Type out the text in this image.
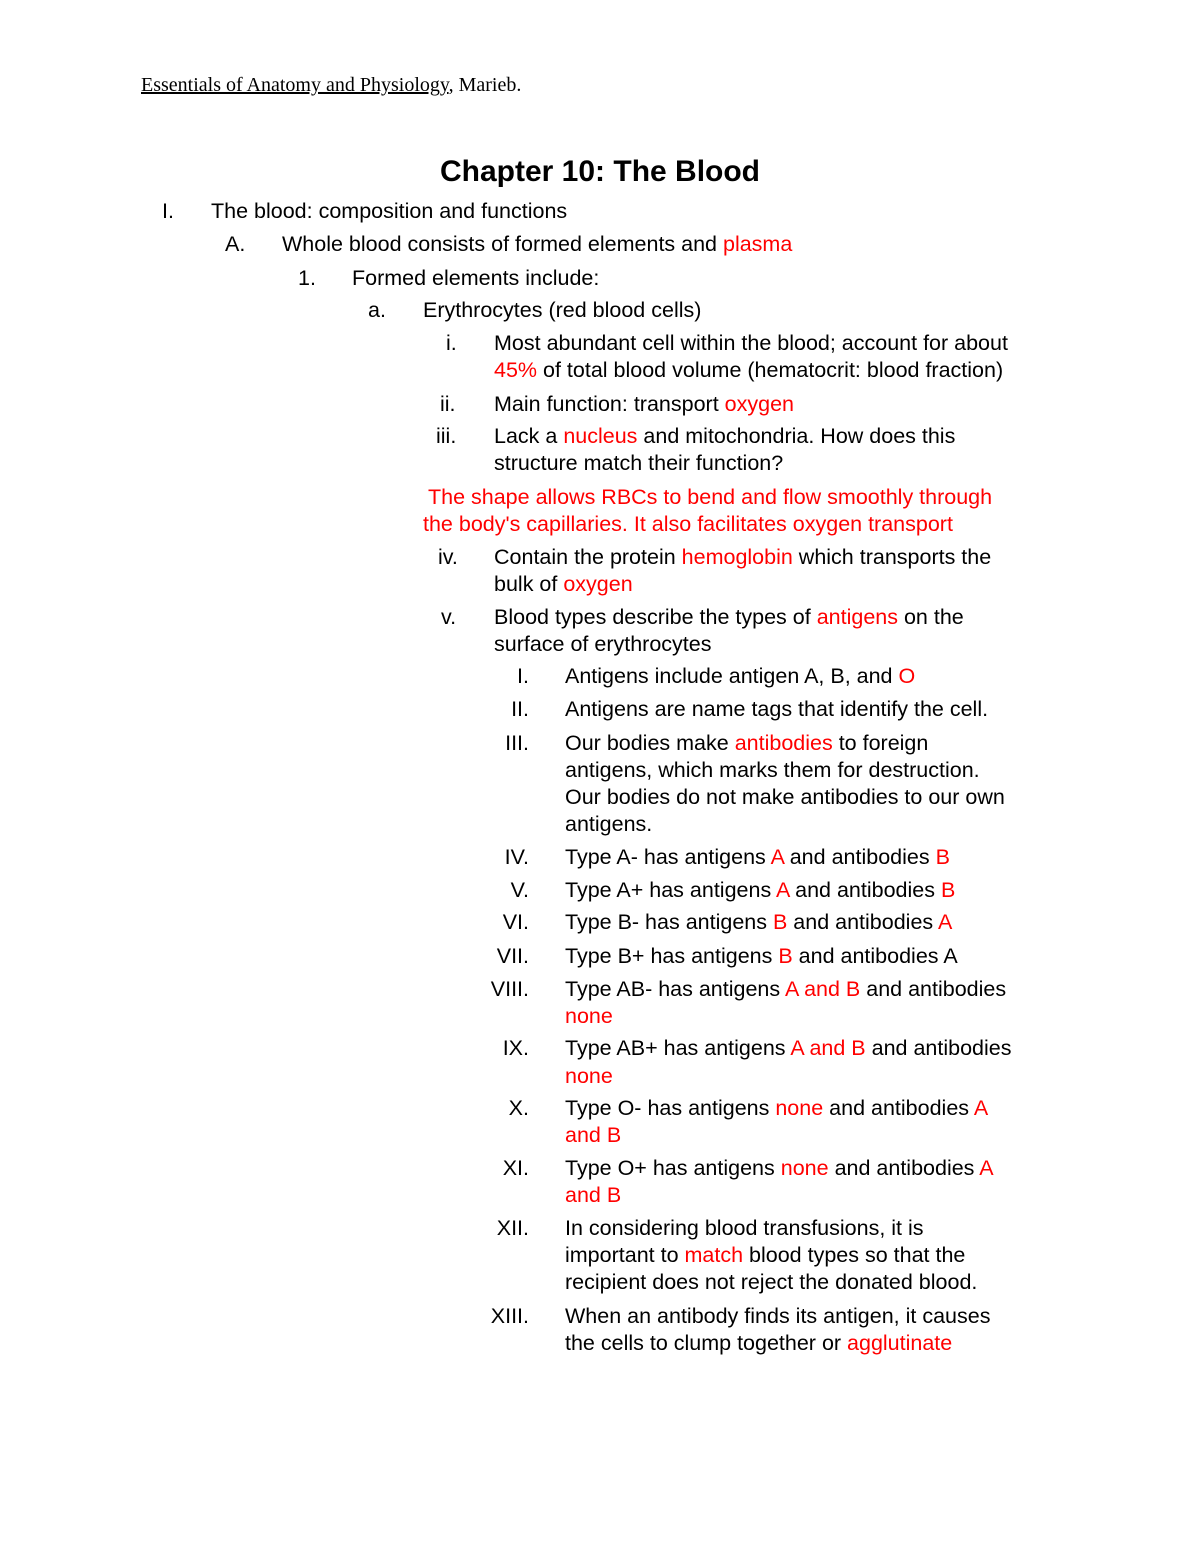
Essentials of Anatomy and Physiology, Marieb.
Chapter 10: The Blood
I. The blood: composition and functions
A. Whole blood consists of formed elements and plasma
1. Formed elements include:
a. Erythrocytes (red blood cells)
i. Most abundant cell within the blood; account for about
45% of total blood volume (hematocrit: blood fraction)
ii. Main function: transport oxygen
iii. Lack a nucleus and mitochondria. How does this
structure match their function?
The shape allows RBCs to bend and flow smoothly through
the body's capillaries. It also facilitates oxygen transport
iv. Contain the protein hemoglobin which transports the
bulk of oxygen
v. Blood types describe the types of antigens on the
surface of erythrocytes
I. Antigens include antigen A, B, and O
II. Antigens are name tags that identify the cell.
III. Our bodies make antibodies to foreign
antigens, which marks them for destruction.
Our bodies do not make antibodies to our own
antigens.
IV. Type A- has antigens A and antibodies B
V. Type A+ has antigens A and antibodies B
VI. Type B- has antigens B and antibodies A
VII. Type B+ has antigens B and antibodies A
VIII. Type AB- has antigens A and B and antibodies
none
IX. Type AB+ has antigens A and B and antibodies
none
X. Type O- has antigens none and antibodies A
and B
XI. Type O+ has antigens none and antibodies A
and B
XII. In considering blood transfusions, it is
important to match blood types so that the
recipient does not reject the donated blood.
XIII. When an antibody finds its antigen, it causes
the cells to clump together or agglutinate
